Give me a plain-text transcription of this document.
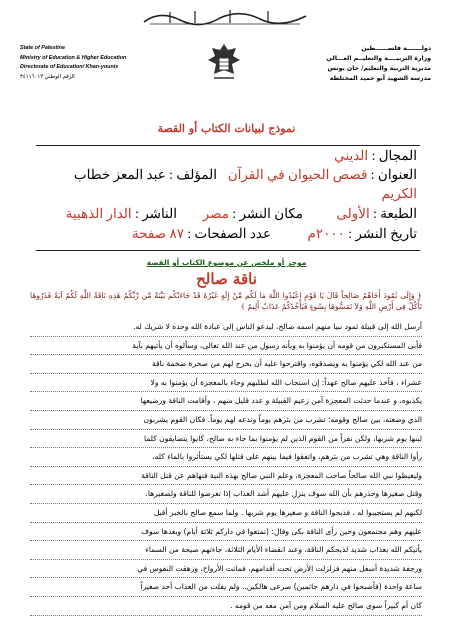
State of Palestine
Ministry of Education & Higher Education
Directorate of Education/ Khan-younis
الرقم الوطني ٣٤١١٦٠١٣
دولـــــــة فلســــــطين
وزارة التربيــــة والتعليــم العـــالي
مديرية التربية والتعليم/ خان يونس
مدرسة الشهيد أبو حميد المختلطة
نموذج لبيانات الكتاب أو القصة
المجال : الديني
العنوان : قصص الحيوان في القرآن
الكريم
المؤلف : عبد المعز خطاب
الطبعة : الأولى
مكان النشر : مصر
الناشر : الدار الذهبية
تاريخ النشر : ٢٠٠٠م
عدد الصفحات : ٨٧ صفحة
موجز أو ملخص عن موضوع الكتاب أو القصة
ناقة صالح
﴿ وَإِلَى ثَمُودَ أَخَاهُمْ صَالِحاً قَالَ يَا قَوْمِ اعْبُدُوا اللَّهَ مَا لَكُم مِّنْ إِلَهٍ غَيْرُهُ قَدْ جَاءَتْكُم بَيِّنَةٌ مِّن رَّبِّكُمْ هَذِهِ نَاقَةُ اللَّهِ لَكُمْ آيَةً فَذَرُوهَا تَأْكُلْ فِي أَرْضِ اللَّهِ وَلاَ تَمَسُّوهَا بِسُوءٍ فَيَأْخُذَكُمْ عَذَابٌ أَلِيمٌ ﴾

أرسل الله إلى قبيلة ثمود نبيا منهم اسمه صالح، ليدعو الناس إلى عبادة الله وحده لا شريك له.

فأبى المستكبرون من قومه أن يؤمنوا به وبأنه رسول من عند الله تعالى، وسألوه أن يأتيهم بآية

من عند الله لكي يؤمنوا به ويصدقوه، واقترحوا عليه أن يخرج لهم من صخرة ضخمة ناقة

عشراء ، فأخذ عليهم صالح عهداً: إن استجاب الله لطلبهم وجاء بالمعجزة أن يؤمنوا به ولا

يكذبوه، و عندما حدثت المعجزة آمن زعيم القبيلة و عدد قليل منهم ، وأقامت الناقة ورضيعها

الذي وضعته، بين صالح وقومه؛ تشرب من بئرهم يوماً وتدعه لهم يوماً. فكان القوم يشربون

لبنها يوم شربها، ولكن نفراً من القوم الذين لم يؤمنوا بما جاء به صالح، كانوا يتضايقون كلما

رأوا الناقة وهي تشرب من بئرهم، واتفقوا فيما بينهم على قتلها لكي يستأثروا بالماء كله،

وليغيظوا نبي الله صالحاً صاحب المعجزة، وعلم النبي صالح بهذه النية فنهاهم عن قتل الناقة

وقتل صغيرها وحذرهم بأن الله سوف ينزل عليهم أشد العذاب إذا تعرضوا للناقة ولصغيرها.

لكنهم لم يستجيبوا له ، فذبحوا الناقة و صغيرها يوم شربها . ولما سمع صالح بالخبر أقبل

عليهم وهم مجتمعون وحين رأى الناقة بكى وقال: (تمتعوا في داركم ثلاثة أيام) وبعدها سوف

يأتيكم الله بعذاب شديد لذبحكم الناقة، وعند انقضاء الأيام الثلاثة، جاءتهم صيحة من السماء

ورجفة شديدة أسفل منهم فزلزلت الأرض تحت أقدامهم، فماتت الأرواح، وزهقت النفوس في

ساعة واحدة (فأصبحوا في دارهم جاثمين) صرعى هالكين.. ولم يفلت من العذاب أحد صغيراً

كان أم كبيراً سوى صالح عليه السلام ومن آمن معه من قومه .
